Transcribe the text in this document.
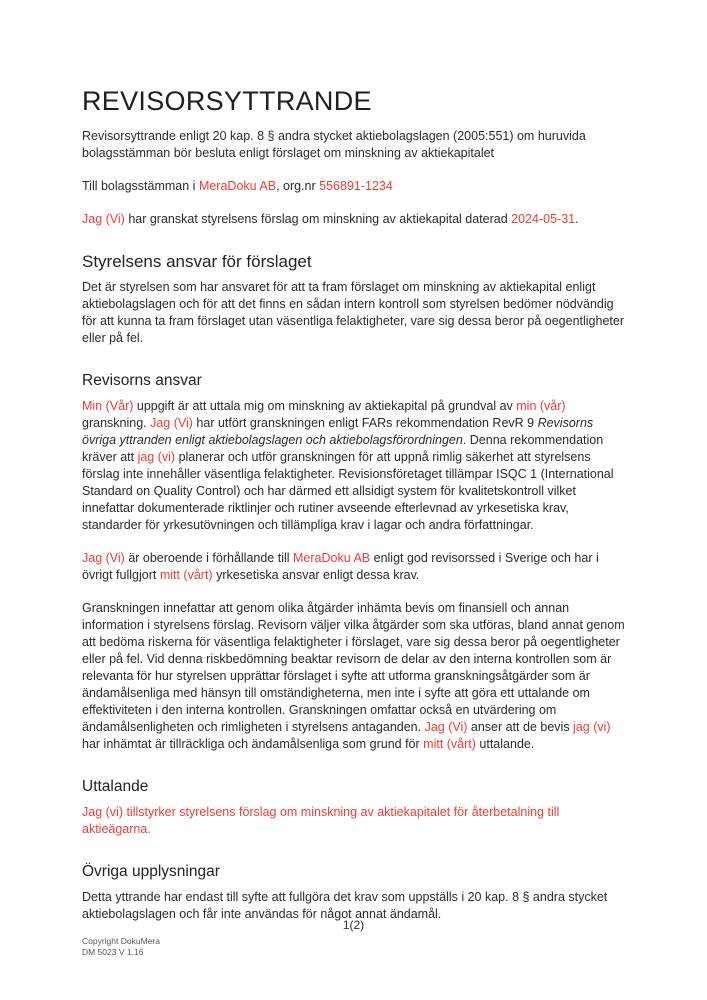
REVISORSYTTRANDE

Revisorsyttrande enligt 20 kap. 8 § andra stycket aktiebolagslagen (2005:551) om huruvida bolagsstämman bör besluta enligt förslaget om minskning av aktiekapitalet

Till bolagsstämman i MeraDoku AB, org.nr 556891-1234

Jag (Vi) har granskat styrelsens förslag om minskning av aktiekapital daterad 2024-05-31.

Styrelsens ansvar för förslaget

Det är styrelsen som har ansvaret för att ta fram förslaget om minskning av aktiekapital enligt aktiebolagslagen och för att det finns en sådan intern kontroll som styrelsen bedömer nödvändig för att kunna ta fram förslaget utan väsentliga felaktigheter, vare sig dessa beror på oegentligheter eller på fel.

Revisorns ansvar

Min (Vår) uppgift är att uttala mig om minskning av aktiekapital på grundval av min (vår) granskning. Jag (Vi) har utfört granskningen enligt FARs rekommendation RevR 9 Revisorns övriga yttranden enligt aktiebolagslagen och aktiebolagsförordningen. Denna rekommendation kräver att jag (vi) planerar och utför granskningen för att uppnå rimlig säkerhet att styrelsens förslag inte innehåller väsentliga felaktigheter. Revisionsföretaget tillämpar ISQC 1 (International Standard on Quality Control) och har därmed ett allsidigt system för kvalitetskontroll vilket innefattar dokumenterade riktlinjer och rutiner avseende efterlevnad av yrkesetiska krav, standarder för yrkesutövningen och tillämpliga krav i lagar och andra författningar.

Jag (Vi) är oberoende i förhållande till MeraDoku AB enligt god revisorssed i Sverige och har i övrigt fullgjort mitt (vårt) yrkesetiska ansvar enligt dessa krav.

Granskningen innefattar att genom olika åtgärder inhämta bevis om finansiell och annan information i styrelsens förslag. Revisorn väljer vilka åtgärder som ska utföras, bland annat genom att bedöma riskerna för väsentliga felaktigheter i förslaget, vare sig dessa beror på oegentligheter eller på fel. Vid denna riskbedömning beaktar revisorn de delar av den interna kontrollen som är relevanta för hur styrelsen upprättar förslaget i syfte att utforma granskningsåtgärder som är ändamålsenliga med hänsyn till omständigheterna, men inte i syfte att göra ett uttalande om effektiviteten i den interna kontrollen. Granskningen omfattar också en utvärdering om ändamålsenligheten och rimligheten i styrelsens antaganden. Jag (Vi) anser att de bevis jag (vi) har inhämtat är tillräckliga och ändamålsenliga som grund för mitt (vårt) uttalande.

Uttalande

Jag (vi) tillstyrker styrelsens förslag om minskning av aktiekapitalet för återbetalning till aktieägarna.

Övriga upplysningar

Detta yttrande har endast till syfte att fullgöra det krav som uppställs i 20 kap. 8 § andra stycket aktiebolagslagen och får inte användas för något annat ändamål.

1(2)
Copyright DokuMera
DM 5023 V 1.16
